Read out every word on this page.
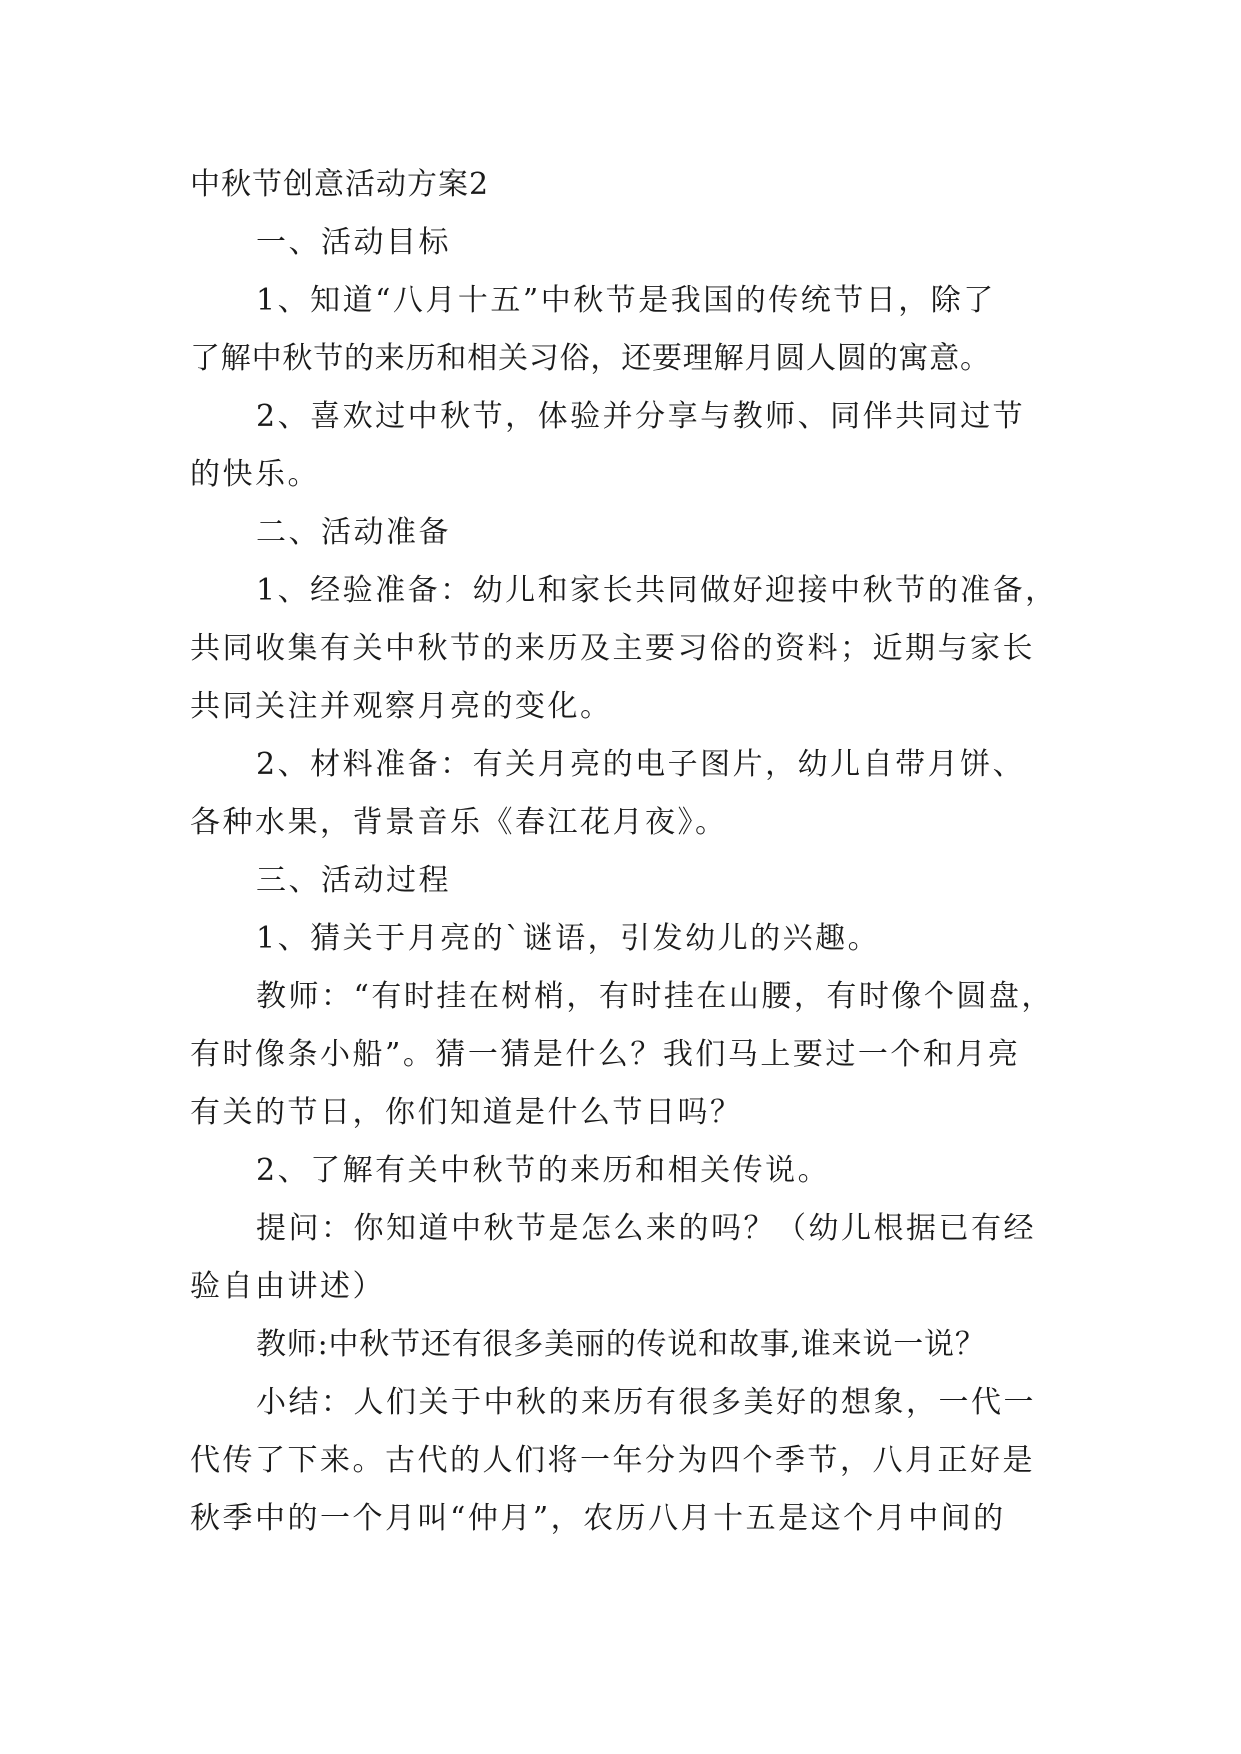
中秋节创意活动方案2
一、活动目标
1、知道“八月十五”中秋节是我国的传统节日，除了
了解中秋节的来历和相关习俗，还要理解月圆人圆的寓意。
2、喜欢过中秋节，体验并分享与教师、同伴共同过节
的快乐。
二、活动准备
1、经验准备：幼儿和家长共同做好迎接中秋节的准备，
共同收集有关中秋节的来历及主要习俗的资料；近期与家长
共同关注并观察月亮的变化。
2、材料准备：有关月亮的电子图片，幼儿自带月饼、
各种水果，背景音乐《春江花月夜》。
三、活动过程
1、猜关于月亮的`谜语，引发幼儿的兴趣。
教师：“有时挂在树梢，有时挂在山腰，有时像个圆盘，
有时像条小船”。猜一猜是什么？我们马上要过一个和月亮
有关的节日，你们知道是什么节日吗？
2、了解有关中秋节的来历和相关传说。
提问：你知道中秋节是怎么来的吗？（幼儿根据已有经
验自由讲述）
教师:中秋节还有很多美丽的传说和故事,谁来说一说？
小结：人们关于中秋的来历有很多美好的想象，一代一
代传了下来。古代的人们将一年分为四个季节，八月正好是
秋季中的一个月叫“仲月”，农历八月十五是这个月中间的
